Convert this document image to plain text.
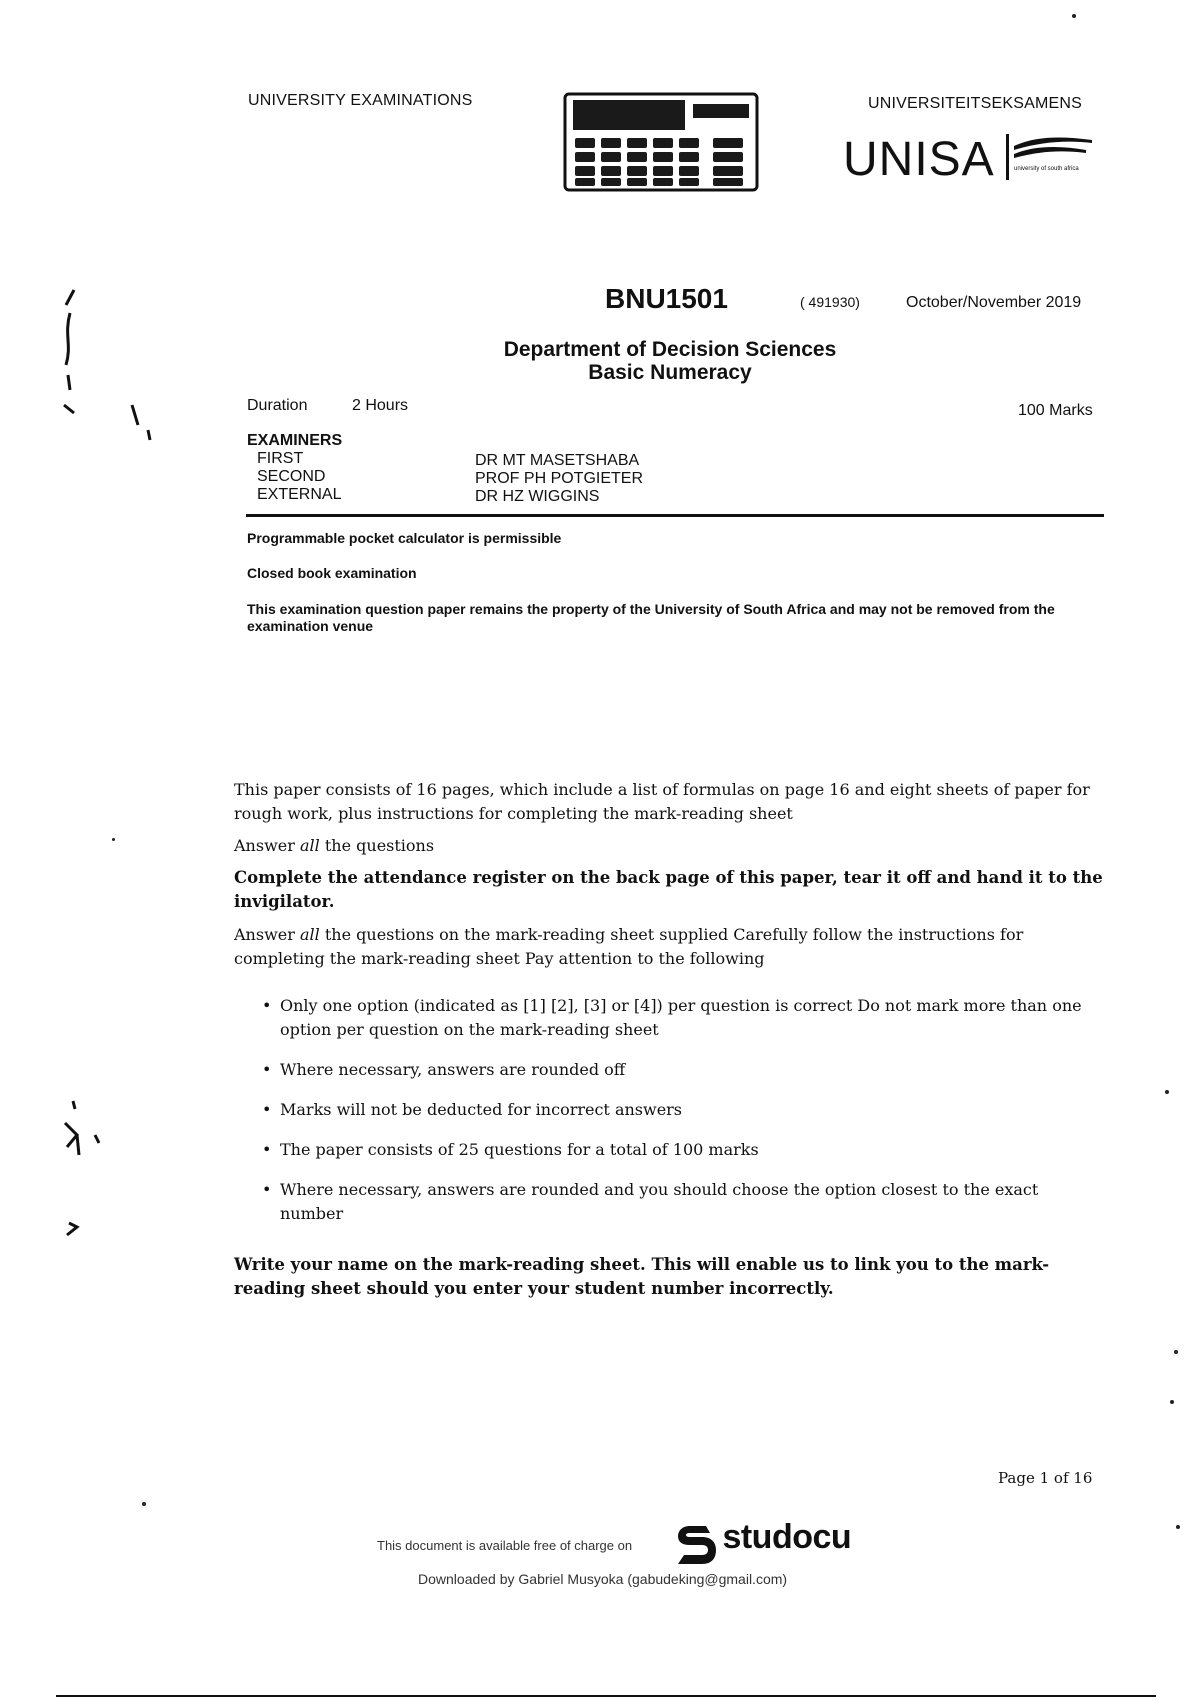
UNIVERSITY EXAMINATIONS	UNIVERSITEITSEKSAMENS
UNISA	university of south africa
BNU1501	( 491930)	October/November 2019
Department of Decision Sciences
Basic Numeracy
Duration	2 Hours	100 Marks
EXAMINERS
FIRST	DR MT MASETSHABA
SECOND	PROF PH POTGIETER
EXTERNAL	DR HZ WIGGINS
Programmable pocket calculator is permissible
Closed book examination
This examination question paper remains the property of the University of South Africa and may not be removed from the examination venue
This paper consists of 16 pages, which include a list of formulas on page 16 and eight sheets of paper for rough work, plus instructions for completing the mark-reading sheet
Answer all the questions
Complete the attendance register on the back page of this paper, tear it off and hand it to the invigilator.
Answer all the questions on the mark-reading sheet supplied Carefully follow the instructions for completing the mark-reading sheet Pay attention to the following
• Only one option (indicated as [1] [2], [3] or [4]) per question is correct Do not mark more than one option per question on the mark-reading sheet
• Where necessary, answers are rounded off
• Marks will not be deducted for incorrect answers
• The paper consists of 25 questions for a total of 100 marks
• Where necessary, answers are rounded and you should choose the option closest to the exact number
Write your name on the mark-reading sheet. This will enable us to link you to the mark-reading sheet should you enter your student number incorrectly.
Page 1 of 16
This document is available free of charge on	studocu
Downloaded by Gabriel Musyoka (gabudeking@gmail.com)
